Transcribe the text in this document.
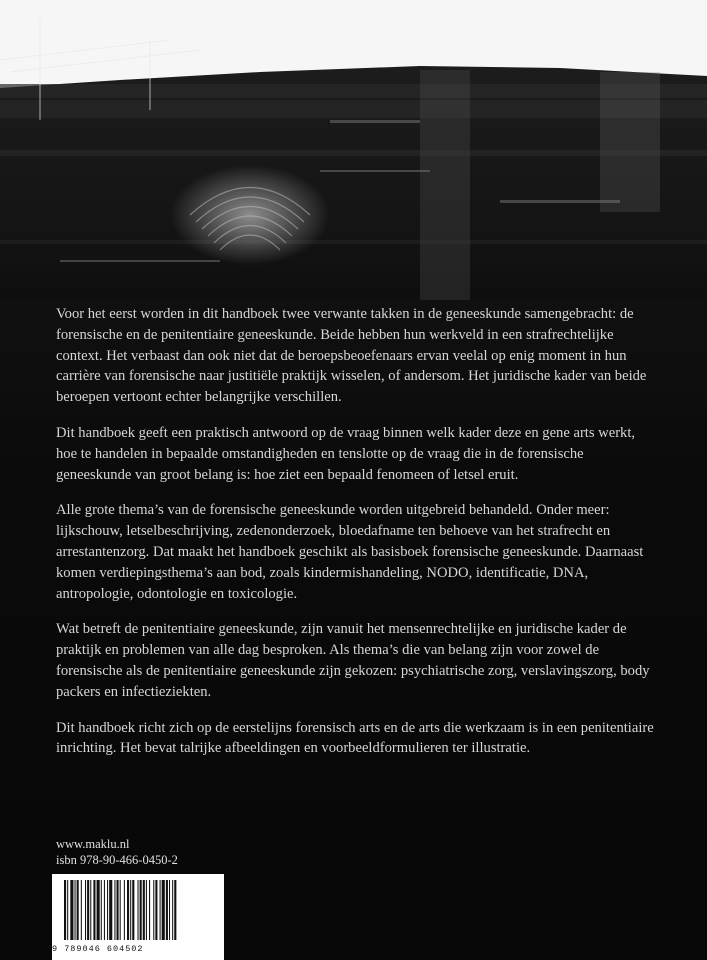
Voor het eerst worden in dit handboek twee verwante takken in de geneeskunde samengebracht: de forensische en de penitentiaire geneeskunde. Beide hebben hun werkveld in een strafrechtelijke context. Het verbaast dan ook niet dat de beroepsbeoefenaars ervan veelal op enig moment in hun carrière van forensische naar justitiële praktijk wisselen, of andersom. Het juridische kader van beide beroepen vertoont echter belangrijke verschillen.

Dit handboek geeft een praktisch antwoord op de vraag binnen welk kader deze en gene arts werkt, hoe te handelen in bepaalde omstandigheden en tenslotte op de vraag die in de forensische geneeskunde van groot belang is: hoe ziet een bepaald fenomeen of letsel eruit.

Alle grote thema’s van de forensische geneeskunde worden uitgebreid behandeld. Onder meer: lijkschouw, letselbeschrijving, zedenonderzoek, bloedafname ten behoeve van het strafrecht en arrestantenzorg. Dat maakt het handboek geschikt als basisboek forensische geneeskunde. Daarnaast komen verdiepingsthema’s aan bod, zoals kindermishandeling, NODO, identificatie, DNA, antropologie, odontologie en toxicologie.

Wat betreft de penitentiaire geneeskunde, zijn vanuit het mensenrechtelijke en juridische kader de praktijk en problemen van alle dag besproken. Als thema’s die van belang zijn voor zowel de forensische als de penitentiaire geneeskunde zijn gekozen: psychiatrische zorg, verslavingszorg, body packers en infectieziekten.

Dit handboek richt zich op de eerstelijns forensisch arts en de arts die werkzaam is in een penitentiaire inrichting. Het bevat talrijke afbeeldingen en voorbeeldformulieren ter illustratie.

www.maklu.nl
isbn 978-90-466-0450-2
9 789046 604502
